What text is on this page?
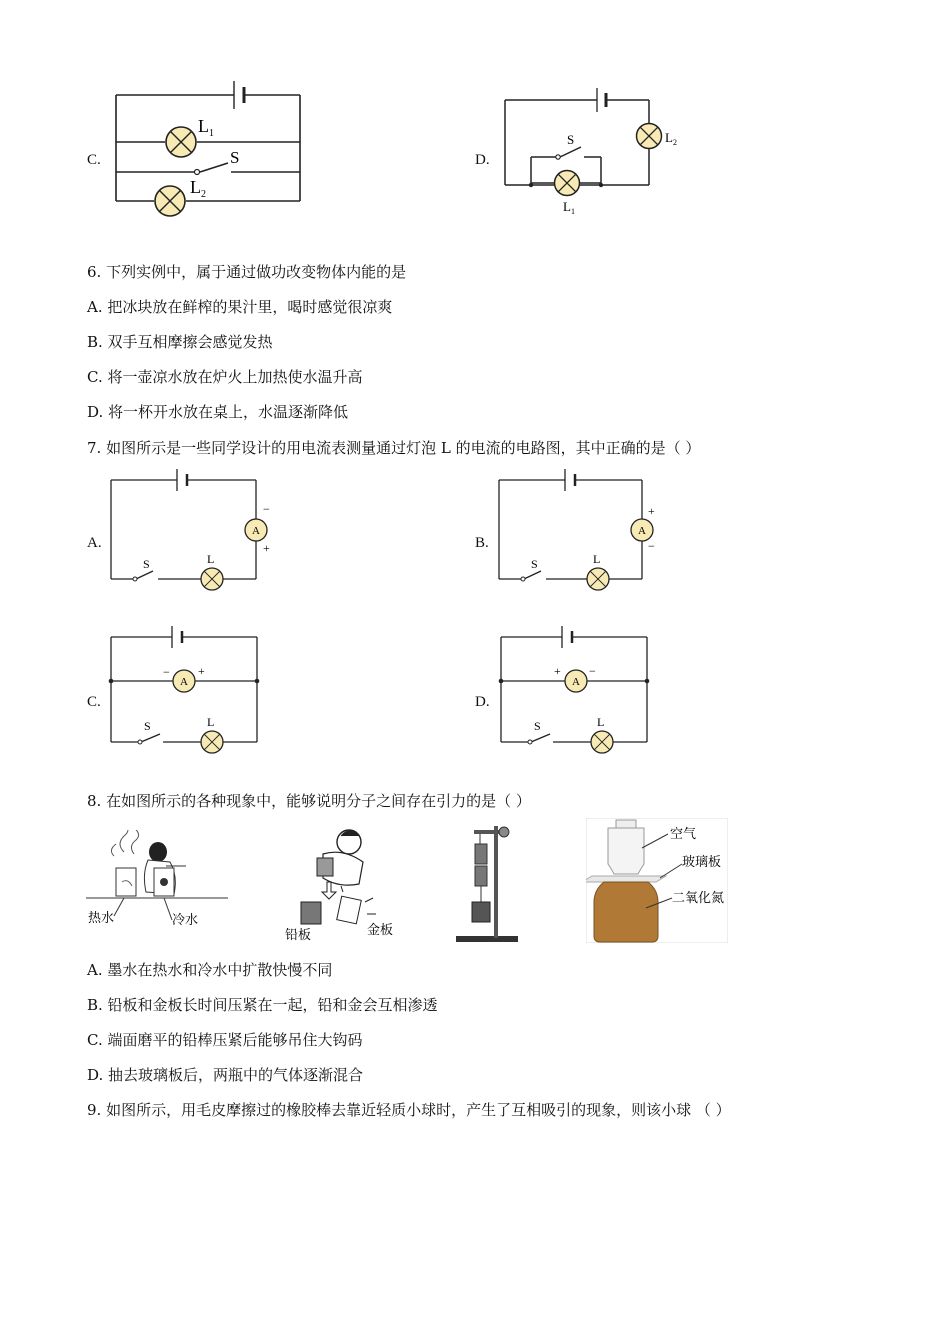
C.
$L_1$
S
$L_2$
D.
S	$L_2$
$L_1$
6. 下列实例中，属于通过做功改变物体内能的是
A. 把冰块放在鲜榨的果汁里，喝时感觉很凉爽
B. 双手互相摩擦会感觉发热
C. 将一壶凉水放在炉火上加热使水温升高
D. 将一杯开水放在桌上，水温逐渐降低
7. 如图所示是一些同学设计的用电流表测量通过灯泡 L 的电流的电路图，其中正确的是（ ）
A.
A
−
+
S	L
B.
A
+
−
S	L
C.
A
− +
S	L
D.
A
+ −
S	L
8. 在如图所示的各种现象中，能够说明分子之间存在引力的是（ ）
热水	冷水
铅板	金板
空气
玻璃板
二氧化氮
A. 墨水在热水和冷水中扩散快慢不同
B. 铅板和金板长时间压紧在一起，铅和金会互相渗透
C. 端面磨平的铅棒压紧后能够吊住大钩码
D. 抽去玻璃板后，两瓶中的气体逐渐混合
9. 如图所示，用毛皮摩擦过的橡胶棒去靠近轻质小球时，产生了互相吸引的现象，则该小球 （ ）
